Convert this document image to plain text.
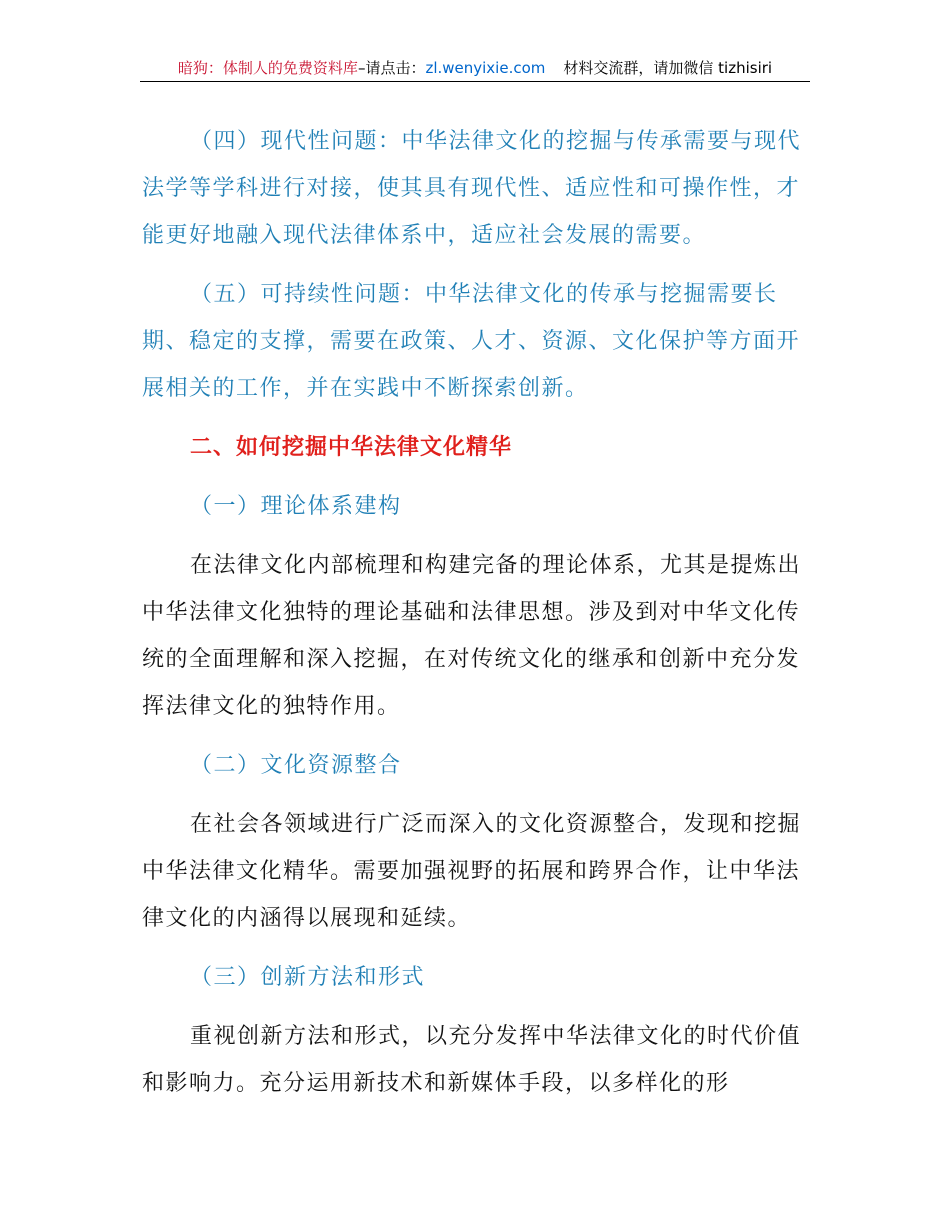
暗狗：体制人的免费资料库–请点击：zl.wenyixie.com 材料交流群，请加微信 tizhisiri

（四）现代性问题：中华法律文化的挖掘与传承需要与现代法学等学科进行对接，使其具有现代性、适应性和可操作性，才能更好地融入现代法律体系中，适应社会发展的需要。

（五）可持续性问题：中华法律文化的传承与挖掘需要长期、稳定的支撑，需要在政策、人才、资源、文化保护等方面开展相关的工作，并在实践中不断探索创新。

二、如何挖掘中华法律文化精华

（一）理论体系建构

在法律文化内部梳理和构建完备的理论体系，尤其是提炼出中华法律文化独特的理论基础和法律思想。涉及到对中华文化传统的全面理解和深入挖掘，在对传统文化的继承和创新中充分发挥法律文化的独特作用。

（二）文化资源整合

在社会各领域进行广泛而深入的文化资源整合，发现和挖掘中华法律文化精华。需要加强视野的拓展和跨界合作，让中华法律文化的内涵得以展现和延续。

（三）创新方法和形式

重视创新方法和形式，以充分发挥中华法律文化的时代价值和影响力。充分运用新技术和新媒体手段，以多样化的形
